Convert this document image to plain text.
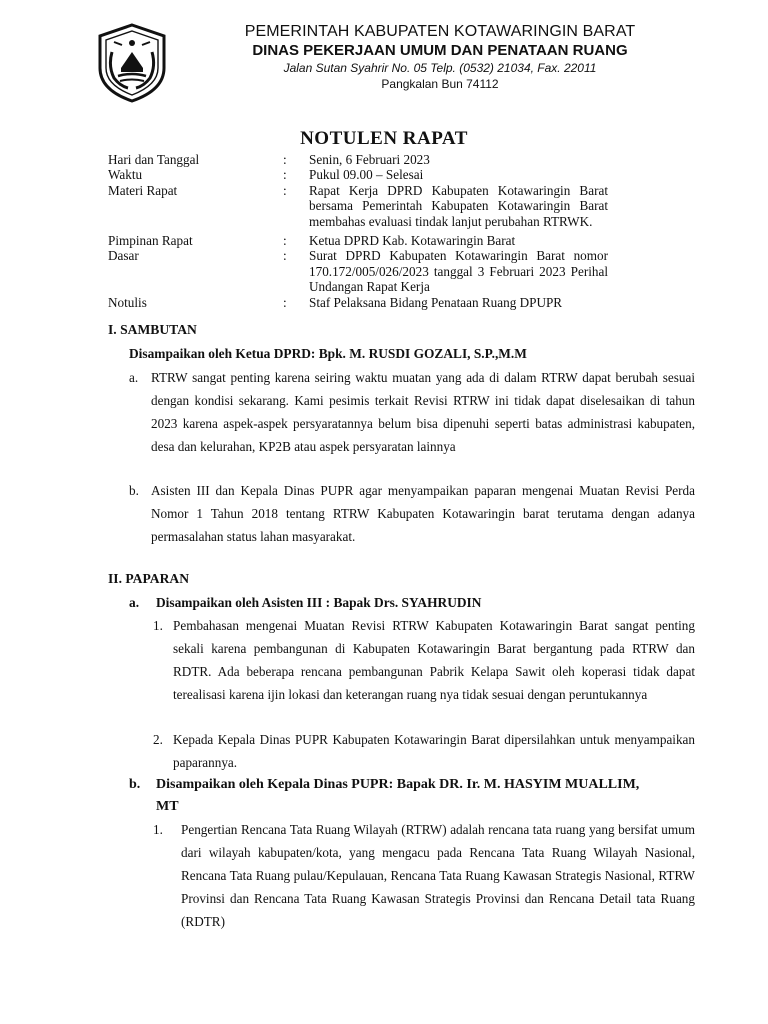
PEMERINTAH KABUPATEN KOTAWARINGIN BARAT
DINAS PEKERJAAN UMUM DAN PENATAAN RUANG
Jalan Sutan Syahrir No. 05 Telp. (0532) 21034, Fax. 22011
Pangkalan Bun 74112
NOTULEN RAPAT
Hari dan Tanggal	:	Senin, 6 Februari 2023
Waktu	:	Pukul 09.00 – Selesai
Materi Rapat	:	Rapat Kerja DPRD Kabupaten Kotawaringin Barat bersama Pemerintah Kabupaten Kotawaringin Barat membahas evaluasi tindak lanjut perubahan RTRWK.
Pimpinan Rapat	:	Ketua DPRD Kab. Kotawaringin Barat
Dasar	:	Surat DPRD Kabupaten Kotawaringin Barat nomor 170.172/005/026/2023 tanggal 3 Februari 2023 Perihal Undangan Rapat Kerja
Notulis	:	Staf Pelaksana Bidang Penataan Ruang DPUPR
I. SAMBUTAN
Disampaikan oleh Ketua DPRD: Bpk. M. RUSDI GOZALI, S.P.,M.M
a. RTRW sangat penting karena seiring waktu muatan yang ada di dalam RTRW dapat berubah sesuai dengan kondisi sekarang. Kami pesimis terkait Revisi RTRW ini tidak dapat diselesaikan di tahun 2023 karena aspek-aspek persyaratannya belum bisa dipenuhi seperti batas administrasi kabupaten, desa dan kelurahan, KP2B atau aspek persyaratan lainnya
b. Asisten III dan Kepala Dinas PUPR agar menyampaikan paparan mengenai Muatan Revisi Perda Nomor 1 Tahun 2018 tentang RTRW Kabupaten Kotawaringin barat terutama dengan adanya permasalahan status lahan masyarakat.
II. PAPARAN
a. Disampaikan oleh Asisten III : Bapak Drs. SYAHRUDIN
1. Pembahasan mengenai Muatan Revisi RTRW Kabupaten Kotawaringin Barat sangat penting sekali karena pembangunan di Kabupaten Kotawaringin Barat bergantung pada RTRW dan RDTR. Ada beberapa rencana pembangunan Pabrik Kelapa Sawit oleh koperasi tidak dapat terealisasi karena ijin lokasi dan keterangan ruang nya tidak sesuai dengan peruntukannya
2. Kepada Kepala Dinas PUPR Kabupaten Kotawaringin Barat dipersilahkan untuk menyampaikan paparannya.
b. Disampaikan oleh Kepala Dinas PUPR: Bapak DR. Ir. M. HASYIM MUALLIM,
MT
1. Pengertian Rencana Tata Ruang Wilayah (RTRW) adalah rencana tata ruang yang bersifat umum dari wilayah kabupaten/kota, yang mengacu pada Rencana Tata Ruang Wilayah Nasional, Rencana Tata Ruang pulau/Kepulauan, Rencana Tata Ruang Kawasan Strategis Nasional, RTRW Provinsi dan Rencana Tata Ruang Kawasan Strategis Provinsi dan Rencana Detail tata Ruang (RDTR)
